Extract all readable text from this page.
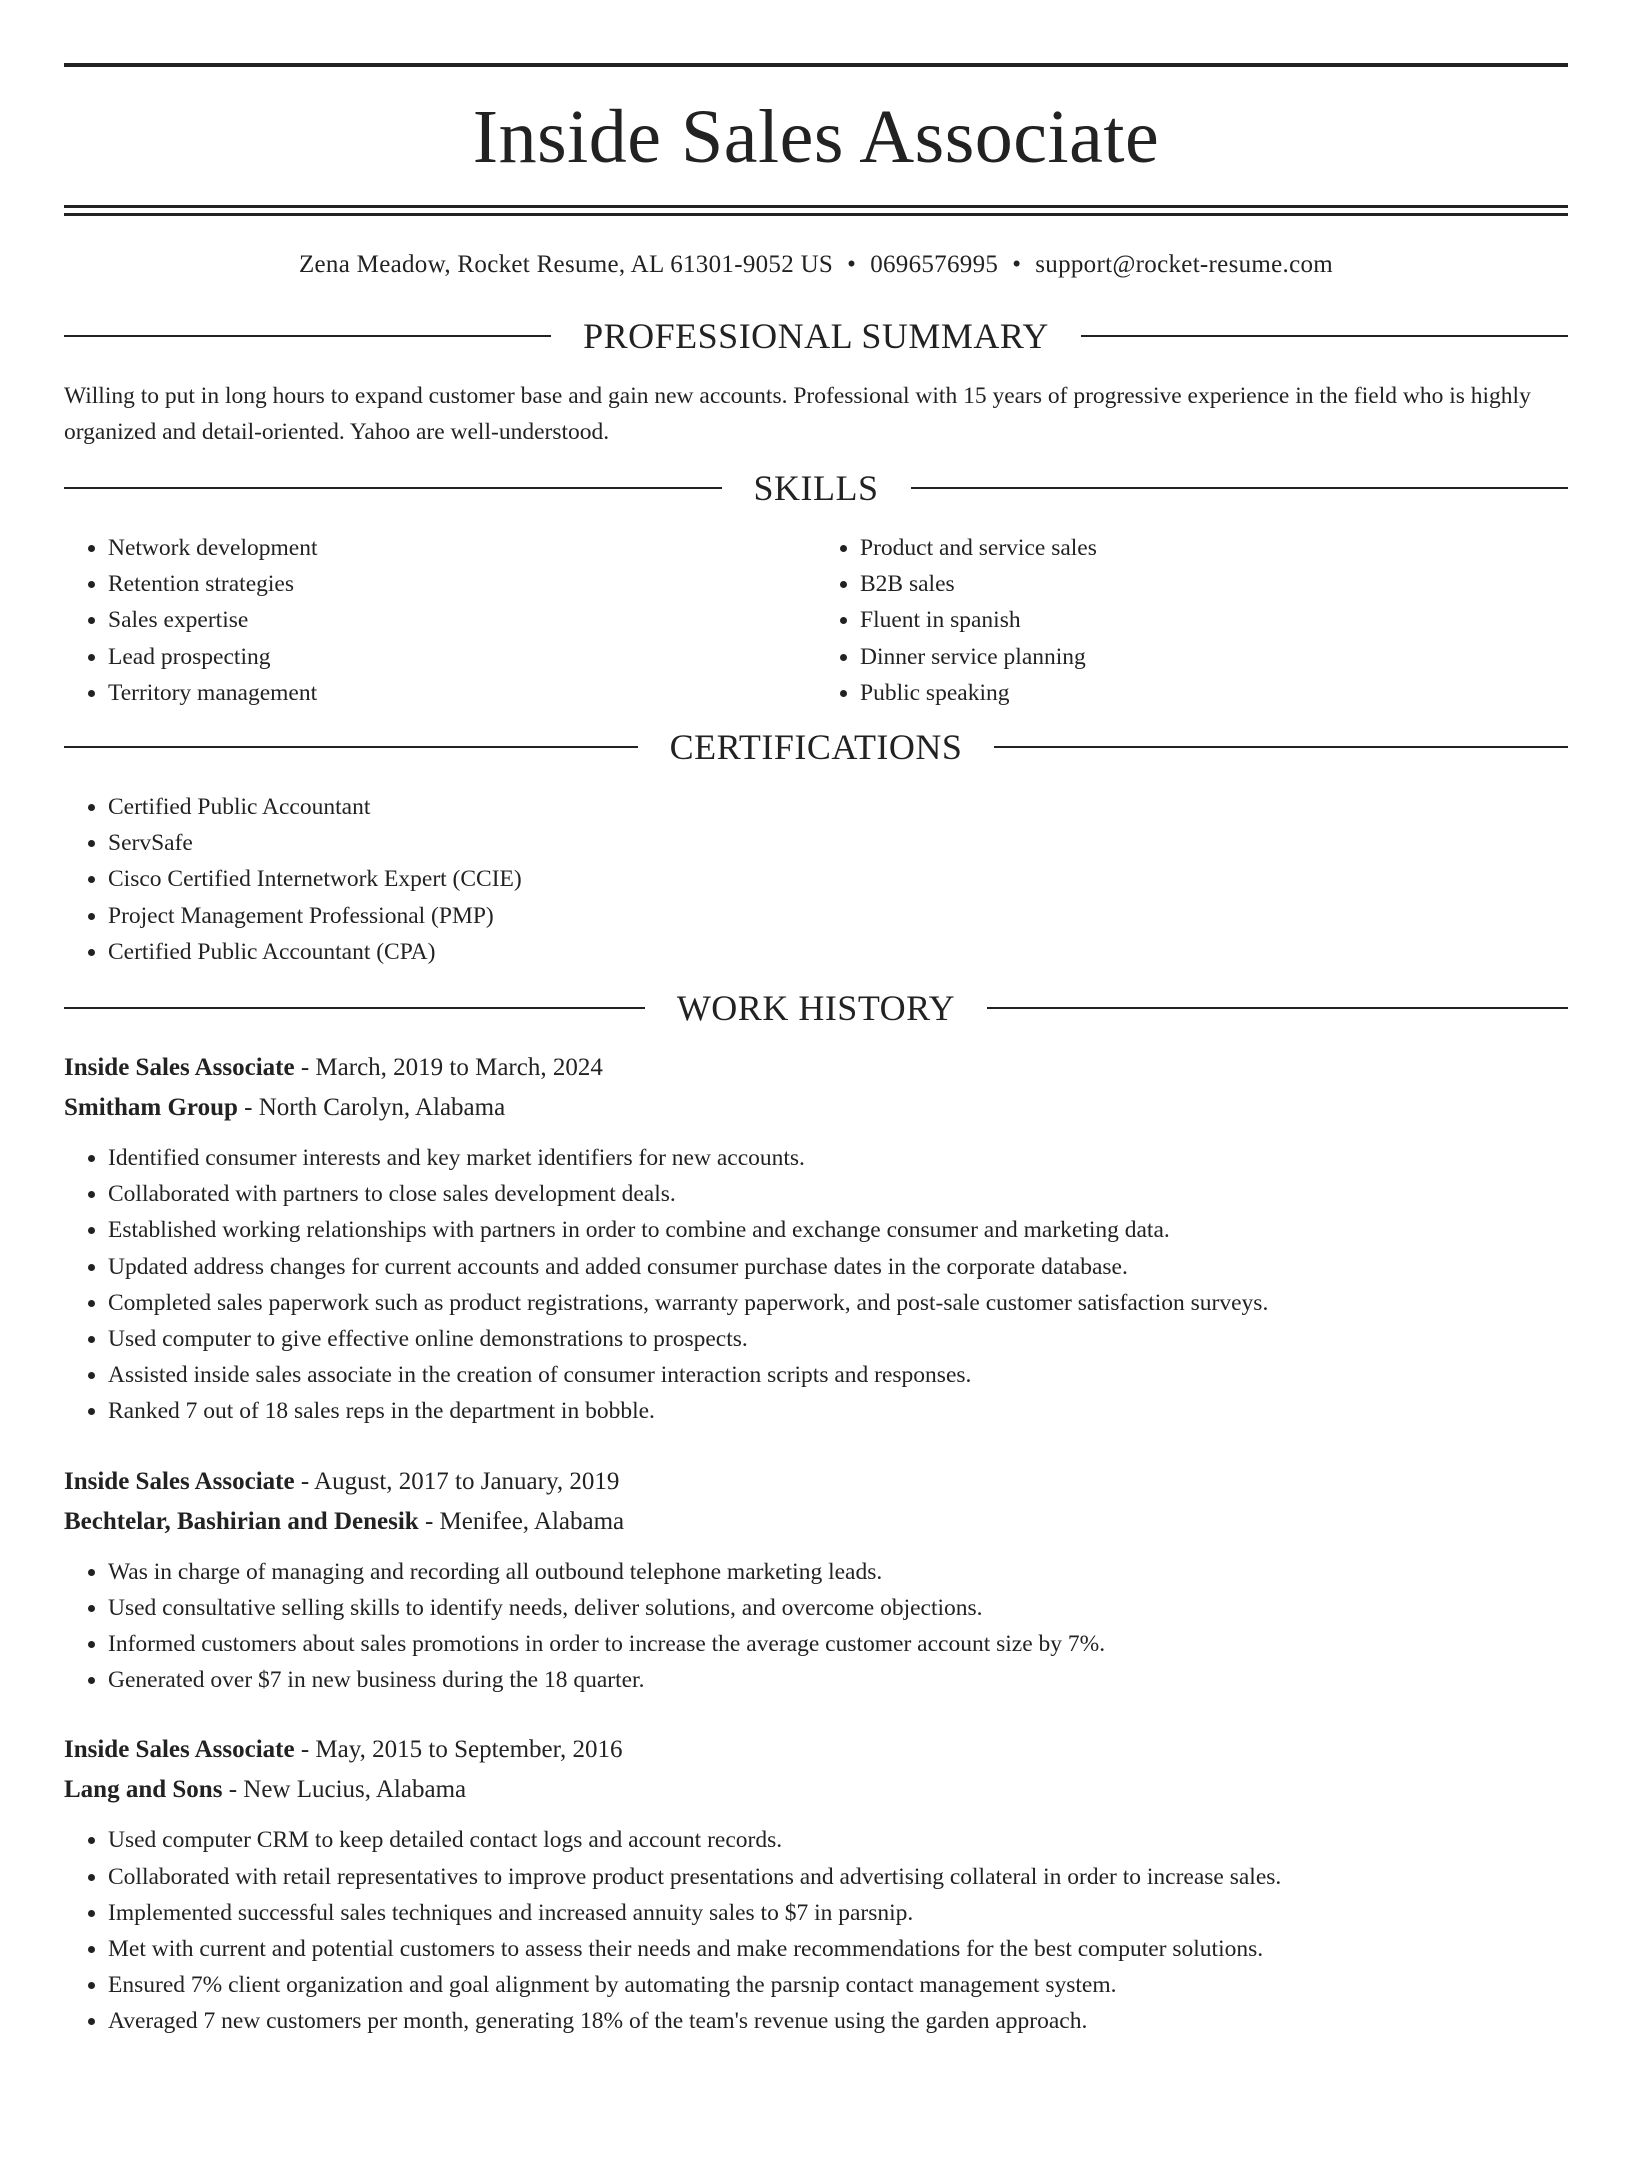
Inside Sales Associate
Zena Meadow, Rocket Resume, AL 61301-9052 US • 0696576995 • support@rocket-resume.com
PROFESSIONAL SUMMARY

Willing to put in long hours to expand customer base and gain new accounts. Professional with 15 years of progressive experience in the field who is highly organized and detail-oriented. Yahoo are well-understood.

SKILLS
• Network development
• Retention strategies
• Sales expertise
• Lead prospecting
• Territory management
• Product and service sales
• B2B sales
• Fluent in spanish
• Dinner service planning
• Public speaking
CERTIFICATIONS
• Certified Public Accountant
• ServSafe
• Cisco Certified Internetwork Expert (CCIE)
• Project Management Professional (PMP)
• Certified Public Accountant (CPA)
WORK HISTORY
Inside Sales Associate - March, 2019 to March, 2024
Smitham Group - North Carolyn, Alabama
• Identified consumer interests and key market identifiers for new accounts.
• Collaborated with partners to close sales development deals.
• Established working relationships with partners in order to combine and exchange consumer and marketing data.
• Updated address changes for current accounts and added consumer purchase dates in the corporate database.
• Completed sales paperwork such as product registrations, warranty paperwork, and post-sale customer satisfaction surveys.
• Used computer to give effective online demonstrations to prospects.
• Assisted inside sales associate in the creation of consumer interaction scripts and responses.
• Ranked 7 out of 18 sales reps in the department in bobble.
Inside Sales Associate - August, 2017 to January, 2019
Bechtelar, Bashirian and Denesik - Menifee, Alabama
• Was in charge of managing and recording all outbound telephone marketing leads.
• Used consultative selling skills to identify needs, deliver solutions, and overcome objections.
• Informed customers about sales promotions in order to increase the average customer account size by 7%.
• Generated over $7 in new business during the 18 quarter.
Inside Sales Associate - May, 2015 to September, 2016
Lang and Sons - New Lucius, Alabama
• Used computer CRM to keep detailed contact logs and account records.
• Collaborated with retail representatives to improve product presentations and advertising collateral in order to increase sales.
• Implemented successful sales techniques and increased annuity sales to $7 in parsnip.
• Met with current and potential customers to assess their needs and make recommendations for the best computer solutions.
• Ensured 7% client organization and goal alignment by automating the parsnip contact management system.
• Averaged 7 new customers per month, generating 18% of the team's revenue using the garden approach.
